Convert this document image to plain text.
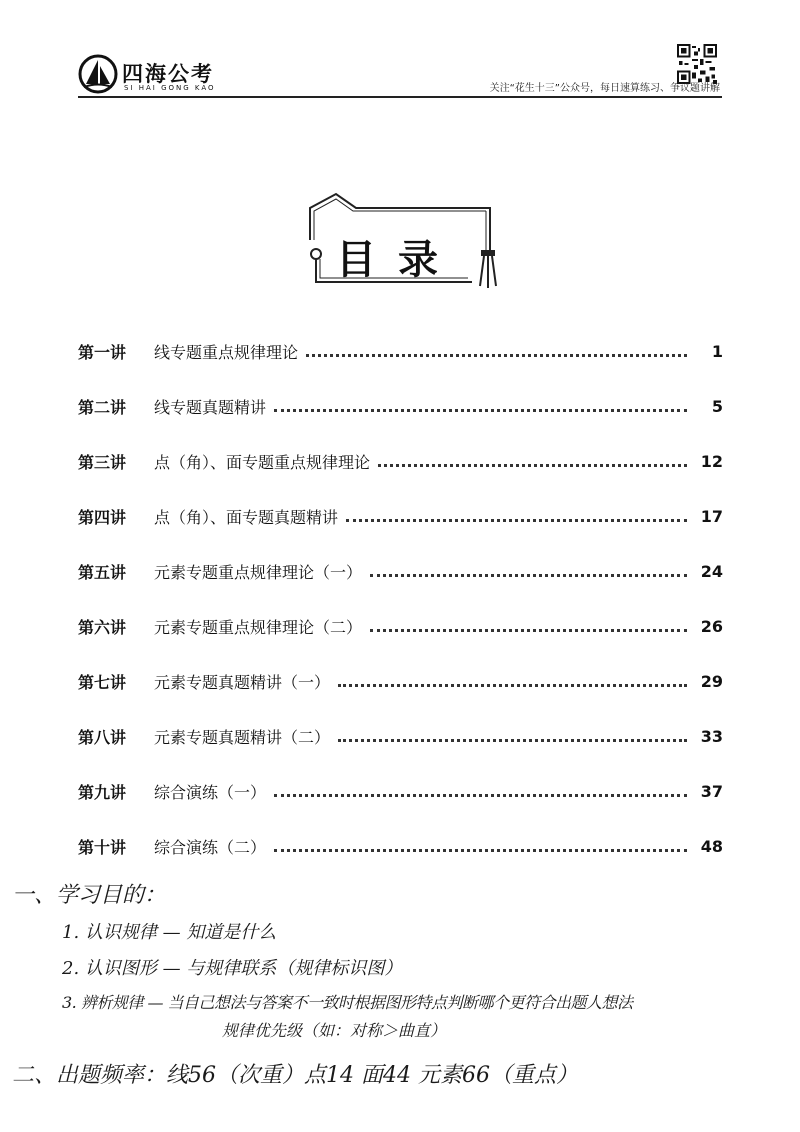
四海公考
SI HAI GONG KAO	关注“花生十三”公众号，每日速算练习、争议题讲解
目录
第一讲	线专题重点规律理论	1
第二讲	线专题真题精讲	5
第三讲	点（角）、面专题重点规律理论	12
第四讲	点（角）、面专题真题精讲	17
第五讲	元素专题重点规律理论（一）	24
第六讲	元素专题重点规律理论（二）	26
第七讲	元素专题真题精讲（一）	29
第八讲	元素专题真题精讲（二）	33
第九讲	综合演练（一）	37
第十讲	综合演练（二）	48
一、学习目的：
1. 认识规律 — 知道是什么
2. 认识图形 — 与规律联系（规律标识图）
3. 辨析规律 — 当自己想法与答案不一致时根据图形特点判断哪个更符合出题人想法
规律优先级（如：对称＞曲直）
二、出题频率：线56（次重）点14 面44 元素66（重点）
